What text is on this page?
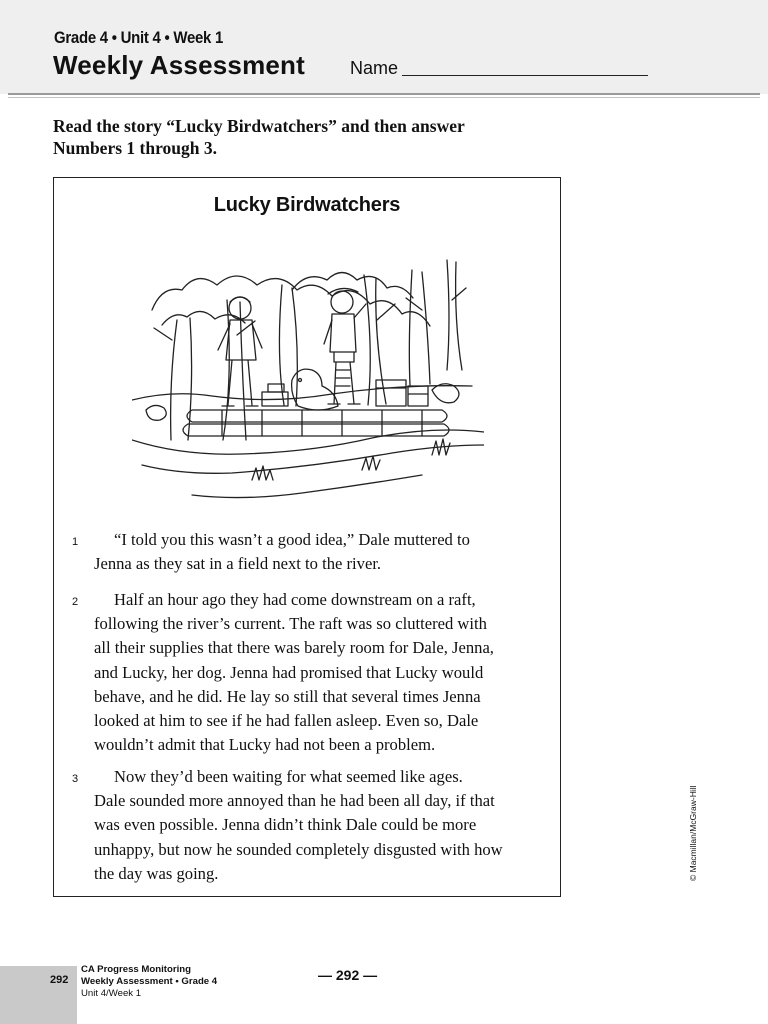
Grade 4 • Unit 4 • Week 1
Weekly Assessment	Name
Read the story “Lucky Birdwatchers” and then answer
Numbers 1 through 3.
Lucky Birdwatchers
1	“I told you this wasn’t a good idea,” Dale muttered to
Jenna as they sat in a field next to the river.
2	Half an hour ago they had come downstream on a raft,
following the river’s current. The raft was so cluttered with
all their supplies that there was barely room for Dale, Jenna,
and Lucky, her dog. Jenna had promised that Lucky would
behave, and he did. He lay so still that several times Jenna
looked at him to see if he had fallen asleep. Even so, Dale
wouldn’t admit that Lucky had not been a problem.
3	Now they’d been waiting for what seemed like ages.
Dale sounded more annoyed than he had been all day, if that
was even possible. Jenna didn’t think Dale could be more
unhappy, but now he sounded completely disgusted with how
the day was going.	© Macmillan/McGraw-Hill
292
CA Progress Monitoring
Weekly Assessment • Grade 4
Unit 4/Week 1
— 292 —
